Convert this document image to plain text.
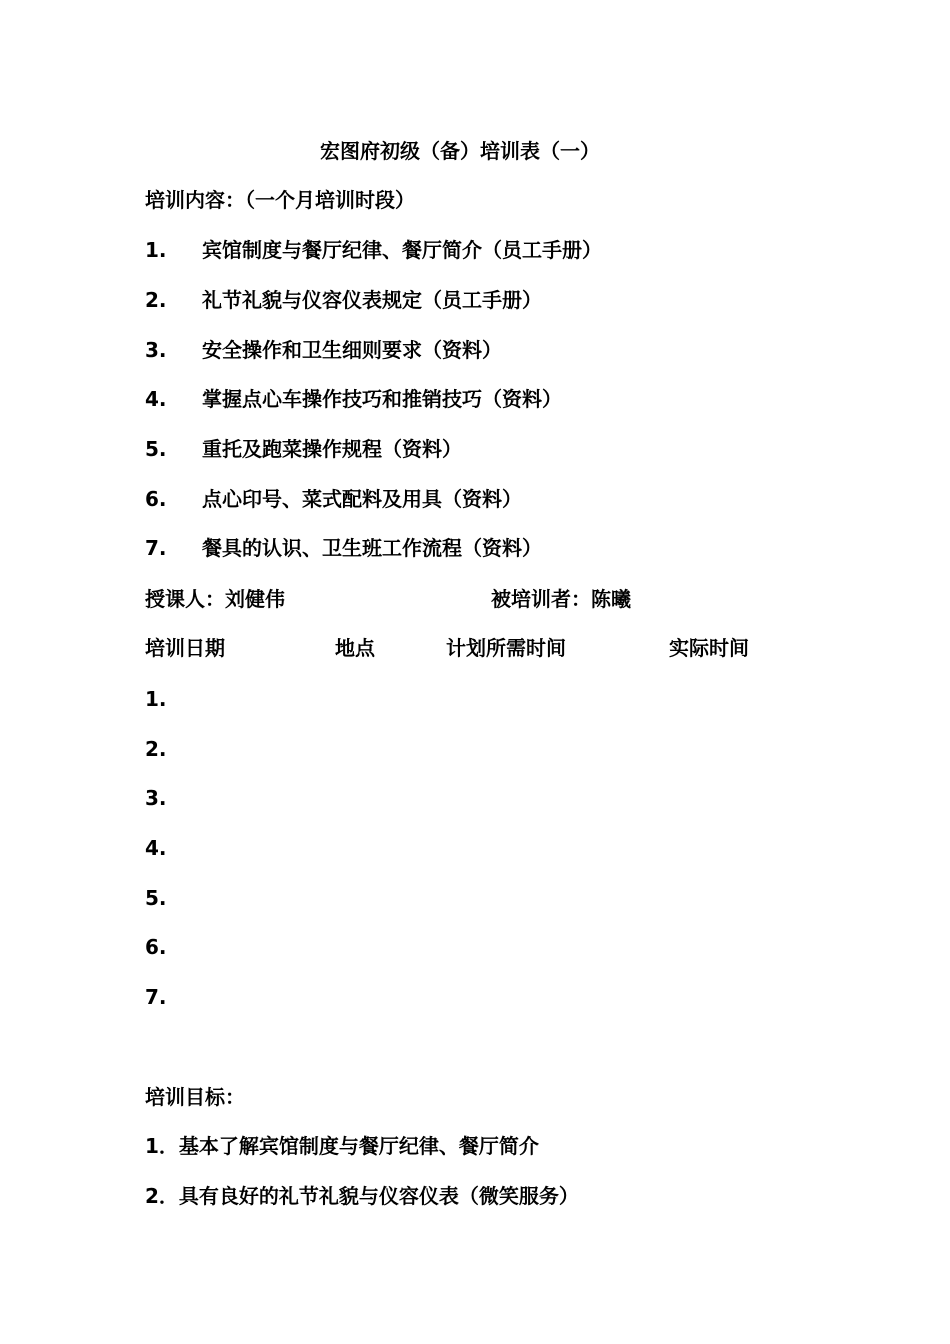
宏图府初级（备）培训表（一）
培训内容：（一个月培训时段）
1. 宾馆制度与餐厅纪律、餐厅简介（员工手册）
2. 礼节礼貌与仪容仪表规定（员工手册）
3. 安全操作和卫生细则要求（资料）
4. 掌握点心车操作技巧和推销技巧（资料）
5. 重托及跑菜操作规程（资料）
6. 点心印号、菜式配料及用具（资料）
7. 餐具的认识、卫生班工作流程（资料）
授课人：刘健伟	被培训者：陈曦
培训日期	地点	计划所需时间	实际时间
1.
2.
3.
4.
5.
6.
7.
培训目标：
1．基本了解宾馆制度与餐厅纪律、餐厅简介
2．具有良好的礼节礼貌与仪容仪表（微笑服务）
